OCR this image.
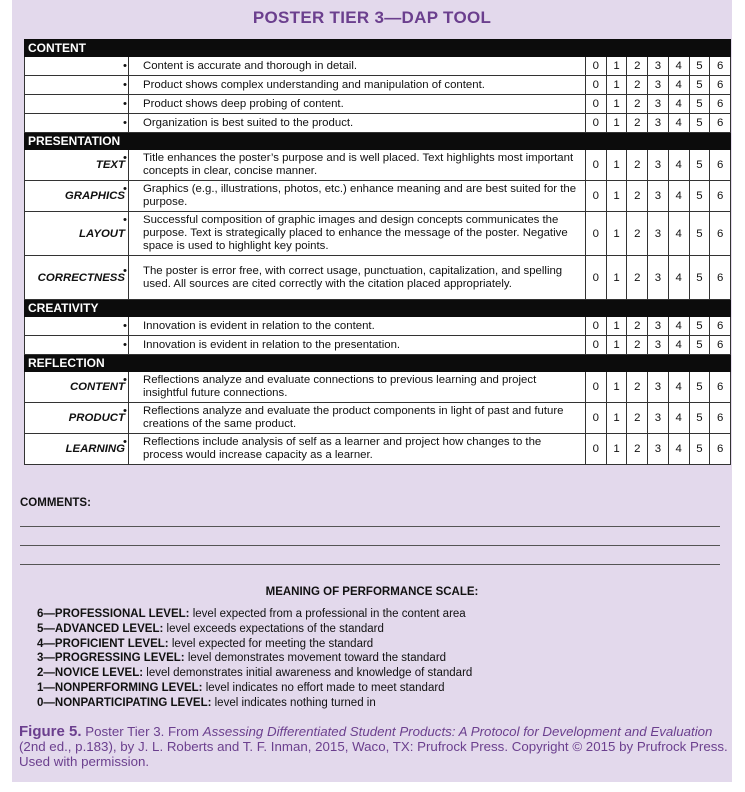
POSTER TIER 3—DAP TOOL
CONTENT								

	• Content is accurate and thorough in detail.	0	1	2	3	4	5	6

	• Product shows complex understanding and manipulation of content.	0	1	2	3	4	5	6

	• Product shows deep probing of content.	0	1	2	3	4	5	6

	• Organization is best suited to the product.	0	1	2	3	4	5	6
PRESENTATION								
TEXT	• Title enhances the poster’s purpose and is well placed. Text highlights most important concepts in clear, concise manner.	0	1	2	3	4	5	6
GRAPHICS	• Graphics (e.g., illustrations, photos, etc.) enhance meaning and are best suited for the purpose.	0	1	2	3	4	5	6
LAYOUT	• Successful composition of graphic images and design concepts communicates the purpose. Text is strategically placed to enhance the message of the poster. Negative space is used to highlight key points.	0	1	2	3	4	5	6
CORRECTNESS	• The poster is error free, with correct usage, punctuation, capitalization, and spelling used. All sources are cited correctly with the citation placed appropriately.	0	1	2	3	4	5	6
CREATIVITY								

	• Innovation is evident in relation to the content.	0	1	2	3	4	5	6

	• Innovation is evident in relation to the presentation.	0	1	2	3	4	5	6
REFLECTION								
CONTENT	• Reflections analyze and evaluate connections to previous learning and project insightful future connections.	0	1	2	3	4	5	6
PRODUCT	• Reflections analyze and evaluate the product components in light of past and future creations of the same product.	0	1	2	3	4	5	6
LEARNING	• Reflections include analysis of self as a learner and project how changes to the process would increase capacity as a learner.	0	1	2	3	4	5	6
COMMENTS:
MEANING OF PERFORMANCE SCALE:
6—PROFESSIONAL LEVEL: level expected from a professional in the content area
5—ADVANCED LEVEL: level exceeds expectations of the standard
4—PROFICIENT LEVEL: level expected for meeting the standard
3—PROGRESSING LEVEL: level demonstrates movement toward the standard
2—NOVICE LEVEL: level demonstrates initial awareness and knowledge of standard
1—NONPERFORMING LEVEL: level indicates no effort made to meet standard
0—NONPARTICIPATING LEVEL: level indicates nothing turned in
Figure 5. Poster Tier 3. From Assessing Differentiated Student Products: A Protocol for Development and Evaluation (2nd ed., p.183), by J. L. Roberts and T. F. Inman, 2015, Waco, TX: Prufrock Press. Copyright © 2015 by Prufrock Press. Used with permission.
